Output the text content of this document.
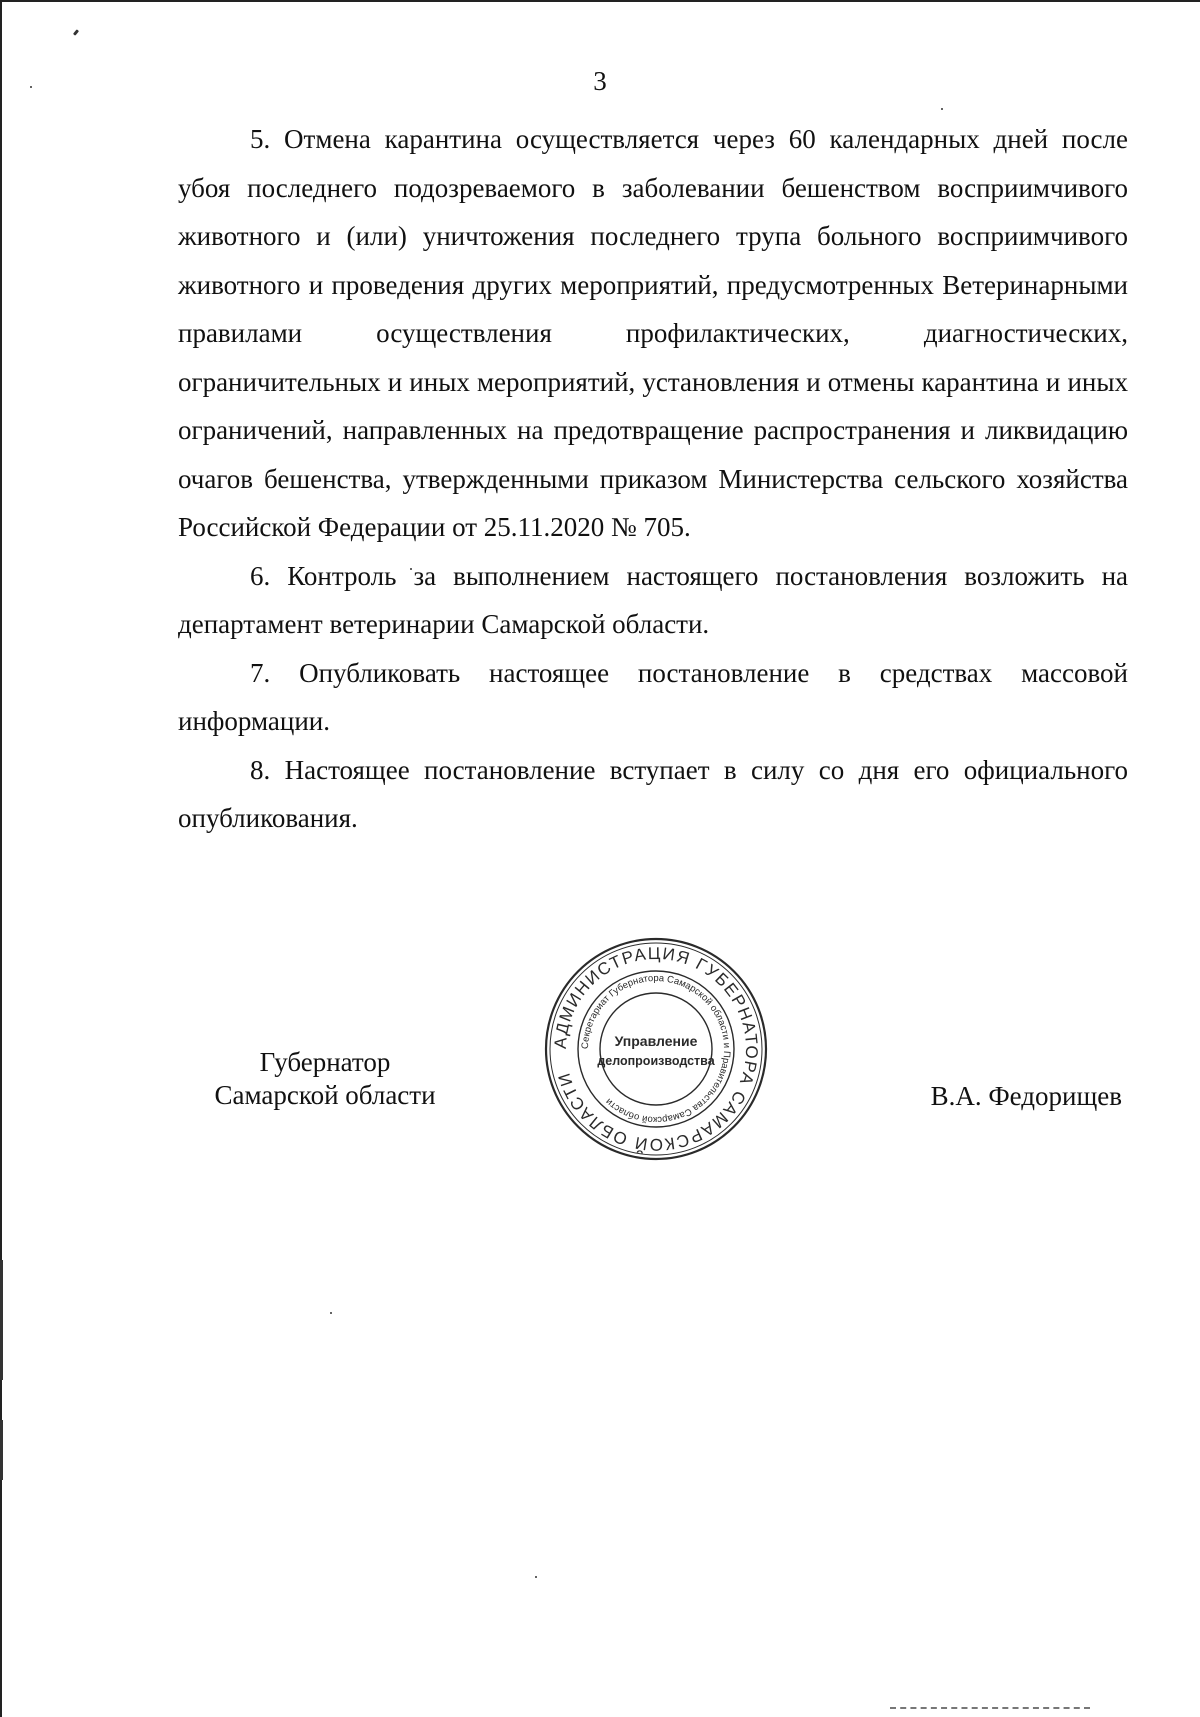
3

5. Отмена карантина осуществляется через 60 календарных дней после убоя последнего подозреваемого в заболевании бешенством восприимчивого животного и (или) уничтожения последнего трупа больного восприимчивого животного и проведения других мероприятий, предусмотренных Ветеринарными правилами осуществления профилактических, диагностических, ограничительных и иных мероприятий, установления и отмены карантина и иных ограничений, направленных на предотвращение распространения и ликвидацию очагов бешенства, утвержденными приказом Министерства сельского хозяйства Российской Федерации от 25.11.2020 № 705.

6. Контроль за выполнением настоящего постановления возложить на департамент ветеринарии Самарской области.

7. Опубликовать настоящее постановление в средствах массовой информации.

8. Настоящее постановление вступает в силу со дня его официального опубликования.

Губернатор
Самарской области
АДМИНИСТРАЦИЯ ГУБЕРНАТОРА САМАРСКОЙ ОБЛАСТИ
Секретариат Губернатора Самарской области и Правительства Самарской области
Управление
делопроизводства
В.А. Федорищев
